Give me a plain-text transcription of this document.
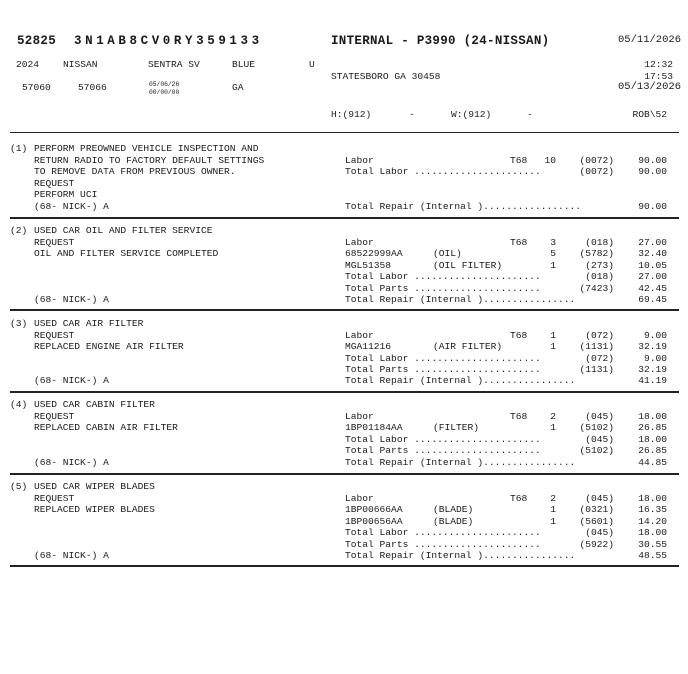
52825 3N1AB8CV0RY359133	INTERNAL - P3990 (24-NISSAN)	05/11/2026
2024 NISSAN	SENTRA SV	BLUE	U	12:32
17:53
STATESBORO GA 30458
05/13/2026
57060	57066	05/06/26
00/00/00	GA
H:(912)	-	W:(912)	-	ROB\52
(1) PERFORM PREOWNED VEHICLE INSPECTION AND
RETURN RADIO TO FACTORY DEFAULT SETTINGS
TO REMOVE DATA FROM PREVIOUS OWNER.
REQUEST
PERFORM UCI
(68- NICK-) A
Labor	T68	10	(0072)	90.00
Total Labor ......................	(0072)	90.00
Total Repair (Internal ).................	90.00
(2) USED CAR OIL AND FILTER SERVICE
REQUEST
OIL AND FILTER SERVICE COMPLETED
(68- NICK-) A
Labor	T68	3	(018)	27.00
68522999AA	(OIL)	5	(5782)	32.40
MGL51358	(OIL FILTER)	1	(273)	10.05
Total Labor ......................	(018)	27.00
Total Parts ......................	(7423)	42.45
Total Repair (Internal )................	69.45
(3) USED CAR AIR FILTER
REQUEST
REPLACED ENGINE AIR FILTER
(68- NICK-) A
Labor	T68	1	(072)	9.00
MGA11216	(AIR FILTER)	1	(1131)	32.19
Total Labor ......................	(072)	9.00
Total Parts ......................	(1131)	32.19
Total Repair (Internal )................	41.19
(4) USED CAR CABIN FILTER
REQUEST
REPLACED CABIN AIR FILTER
(68- NICK-) A
Labor	T68	2	(045)	18.00
1BP01184AA	(FILTER)	1	(5102)	26.85
Total Labor ......................	(045)	18.00
Total Parts ......................	(5102)	26.85
Total Repair (Internal )................	44.85
(5) USED CAR WIPER BLADES
REQUEST
REPLACED WIPER BLADES
(68- NICK-) A
Labor	T68	2	(045)	18.00
1BP00666AA	(BLADE)	1	(0321)	16.35
1BP00656AA	(BLADE)	1	(5601)	14.20
Total Labor ......................	(045)	18.00
Total Parts ......................	(5922)	30.55
Total Repair (Internal )................	48.55
